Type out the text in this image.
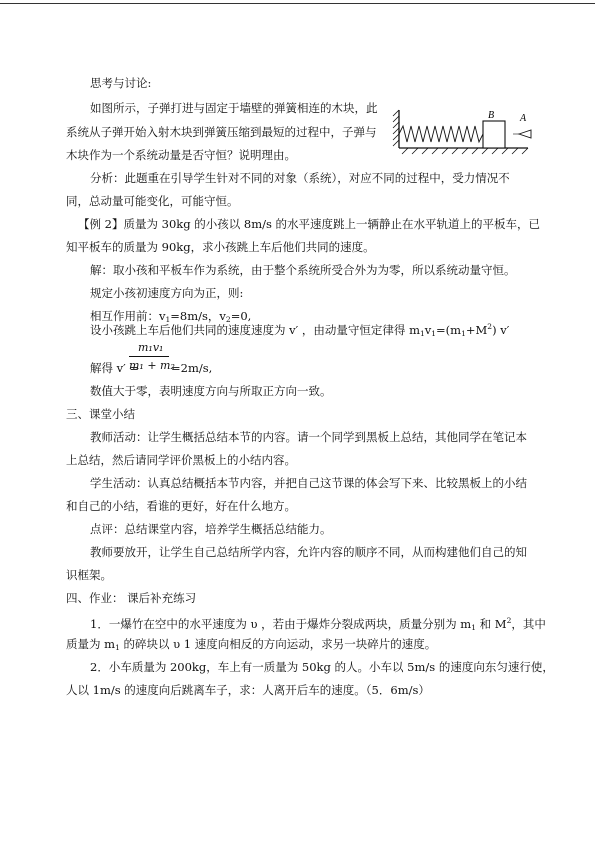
思考与讨论:
如图所示，子弹打进与固定于墙壁的弹簧相连的木块，此
系统从子弹开始入射木块到弹簧压缩到最短的过程中，子弹与
木块作为一个系统动量是否守恒？说明理由。
B	A
分析：此题重在引导学生针对不同的对象（系统），对应不同的过程中，受力情况不
同，总动量可能变化，可能守恒。
【例 2】质量为 30kg 的小孩以 8m/s 的水平速度跳上一辆静止在水平轨道上的平板车，已
知平板车的质量为 90kg，求小孩跳上车后他们共同的速度。
解：取小孩和平板车作为系统，由于整个系统所受合外为为零，所以系统动量守恒。
规定小孩初速度方向为正，则:
相互作用前：$v_1=8m/s$，$v_2=0$,
设小孩跳上车后他们共同的速度速度为 v′ ，由动量守恒定律得 $m_1v_1=(m_1+M^2)$ v′
解得 v′ =
m₁v₁
m₁ + m₂
=2m/s,
数值大于零，表明速度方向与所取正方向一致。
三、课堂小结
教师活动：让学生概括总结本节的内容。请一个同学到黑板上总结，其他同学在笔记本
上总结，然后请同学评价黑板上的小结内容。
学生活动：认真总结概括本节内容，并把自己这节课的体会写下来、比较黑板上的小结
和自己的小结，看谁的更好，好在什么地方。
点评：总结课堂内容，培养学生概括总结能力。
教师要放开，让学生自己总结所学内容，允许内容的顺序不同，从而构建他们自己的知
识框架。
四、作业： 课后补充练习
1．一爆竹在空中的水平速度为 υ ，若由于爆炸分裂成两块，质量分别为 $m_1$ 和 $M^2$，其中
质量为 $m_1$ 的碎块以 υ 1 速度向相反的方向运动，求另一块碎片的速度。
2．小车质量为 200kg，车上有一质量为 50kg 的人。小车以 5m/s 的速度向东匀速行使，
人以 1m/s 的速度向后跳离车子，求：人离开后车的速度。（5．6m/s）
